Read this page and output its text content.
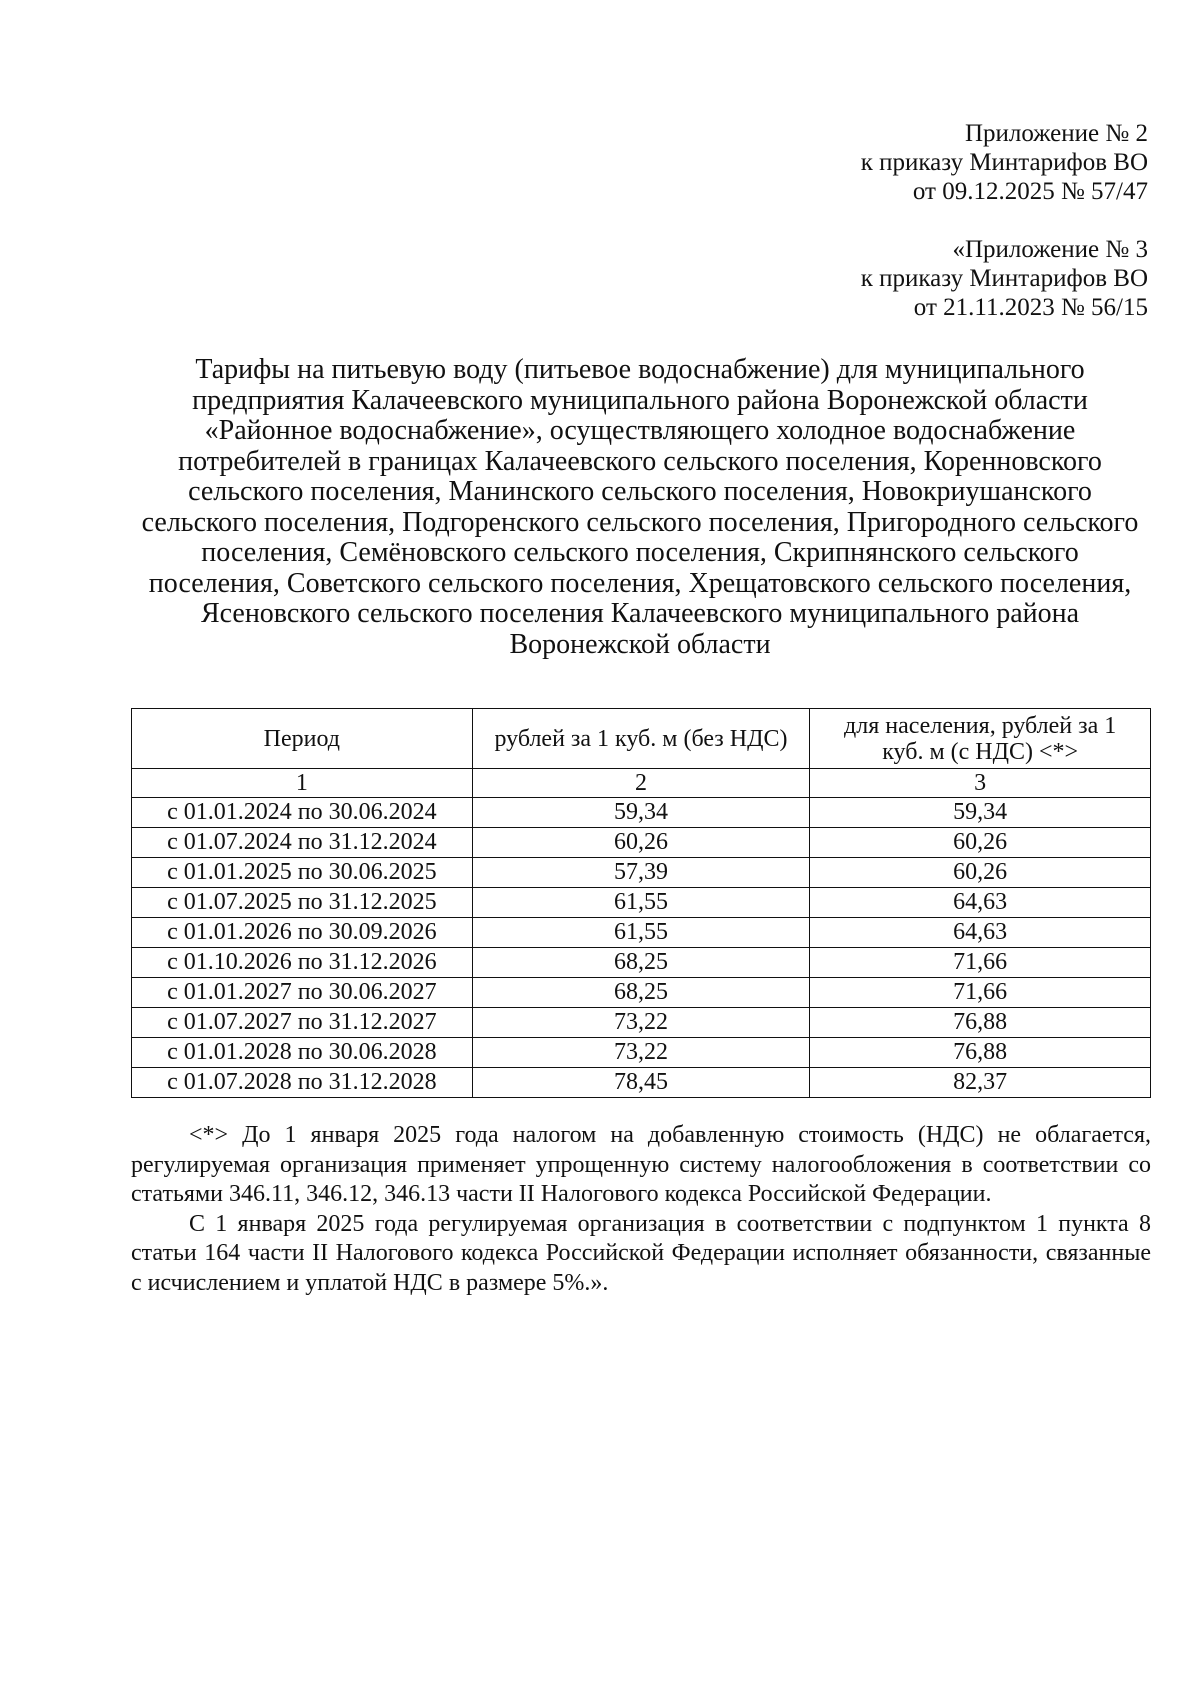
Приложение № 2
к приказу Минтарифов ВО
от 09.12.2025 № 57/47
«Приложение № 3
к приказу Минтарифов ВО
от 21.11.2023 № 56/15
Тарифы на питьевую воду (питьевое водоснабжение) для муниципального
предприятия Калачеевского муниципального района Воронежской области
«Районное водоснабжение», осуществляющего холодное водоснабжение
потребителей в границах Калачеевского сельского поселения, Коренновского
сельского поселения, Манинского сельского поселения, Новокриушанского
сельского поселения, Подгоренского сельского поселения, Пригородного сельского
поселения, Семёновского сельского поселения, Скрипнянского сельского
поселения, Советского сельского поселения, Хрещатовского сельского поселения,
Ясеновского сельского поселения Калачеевского муниципального района
Воронежской области
Период	рублей за 1 куб. м (без НДС)	для населения, рублей за 1
куб. м (с НДС) <*>
1	2	3
с 01.01.2024 по 30.06.2024	59,34	59,34
с 01.07.2024 по 31.12.2024	60,26	60,26
с 01.01.2025 по 30.06.2025	57,39	60,26
с 01.07.2025 по 31.12.2025	61,55	64,63
с 01.01.2026 по 30.09.2026	61,55	64,63
с 01.10.2026 по 31.12.2026	68,25	71,66
с 01.01.2027 по 30.06.2027	68,25	71,66
с 01.07.2027 по 31.12.2027	73,22	76,88
с 01.01.2028 по 30.06.2028	73,22	76,88
с 01.07.2028 по 31.12.2028	78,45	82,37

<*> До 1 января 2025 года налогом на добавленную стоимость (НДС) не облагается, регулируемая организация применяет упрощенную систему налогообложения в соответствии со статьями 346.11, 346.12, 346.13 части II Налогового кодекса Российской Федерации.

С 1 января 2025 года регулируемая организация в соответствии с подпунктом 1 пункта 8 статьи 164 части II Налогового кодекса Российской Федерации исполняет обязанности, связанные с исчислением и уплатой НДС в размере 5%.».
